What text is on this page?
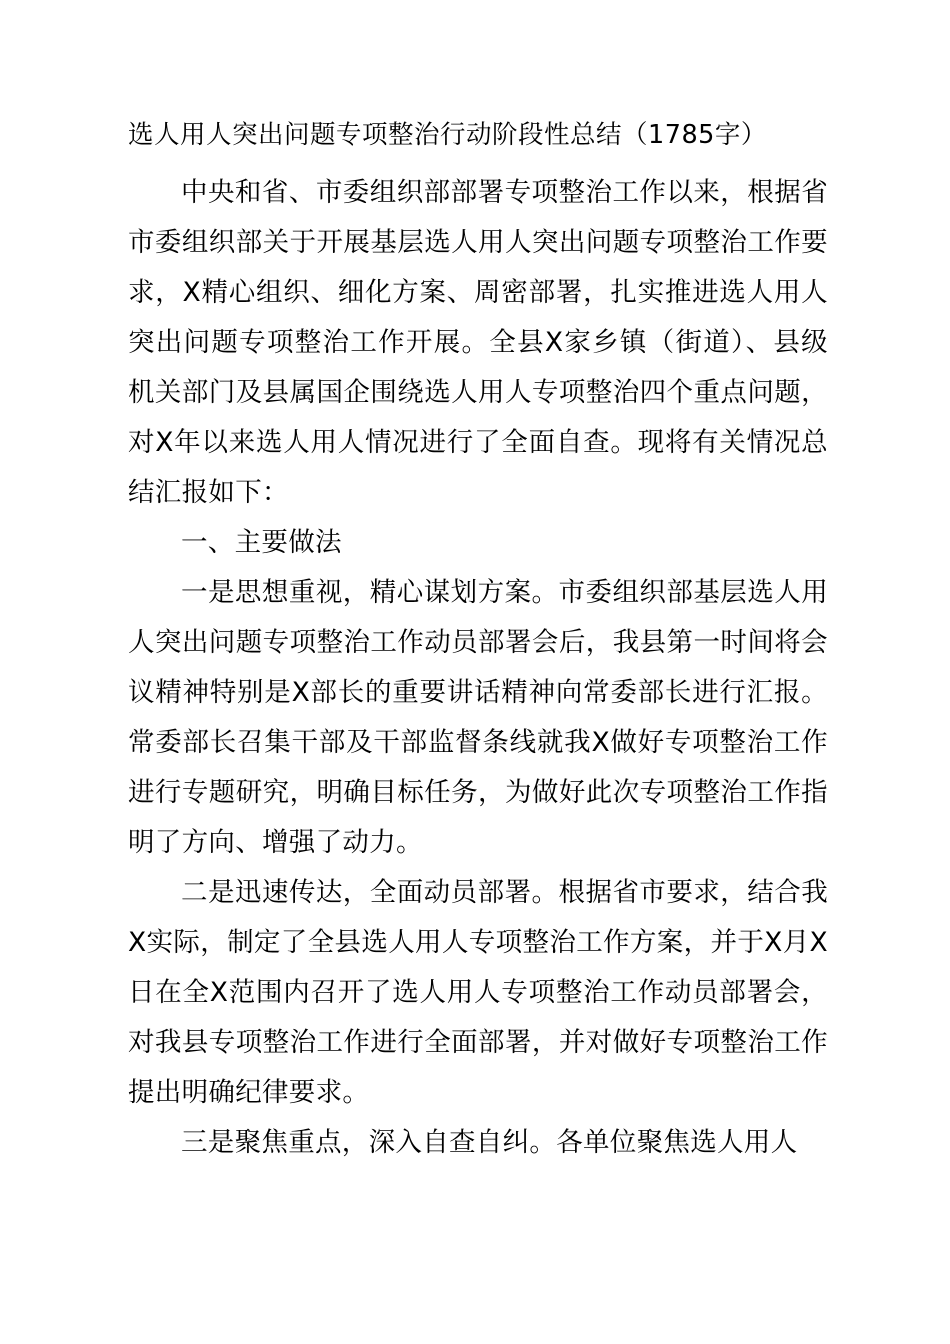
选人用人突出问题专项整治行动阶段性总结（1785字）

中央和省、市委组织部部署专项整治工作以来，根据省市委组织部关于开展基层选人用人突出问题专项整治工作要求，X精心组织、细化方案、周密部署，扎实推进选人用人突出问题专项整治工作开展。全县X家乡镇（街道）、县级机关部门及县属国企围绕选人用人专项整治四个重点问题，对X年以来选人用人情况进行了全面自查。现将有关情况总结汇报如下：

一、主要做法

一是思想重视，精心谋划方案。市委组织部基层选人用人突出问题专项整治工作动员部署会后，我县第一时间将会议精神特别是X部长的重要讲话精神向常委部长进行汇报。常委部长召集干部及干部监督条线就我X做好专项整治工作进行专题研究，明确目标任务，为做好此次专项整治工作指明了方向、增强了动力。

二是迅速传达，全面动员部署。根据省市要求，结合我X实际，制定了全县选人用人专项整治工作方案，并于X月X日在全X范围内召开了选人用人专项整治工作动员部署会，对我县专项整治工作进行全面部署，并对做好专项整治工作提出明确纪律要求。

三是聚焦重点，深入自查自纠。各单位聚焦选人用人
